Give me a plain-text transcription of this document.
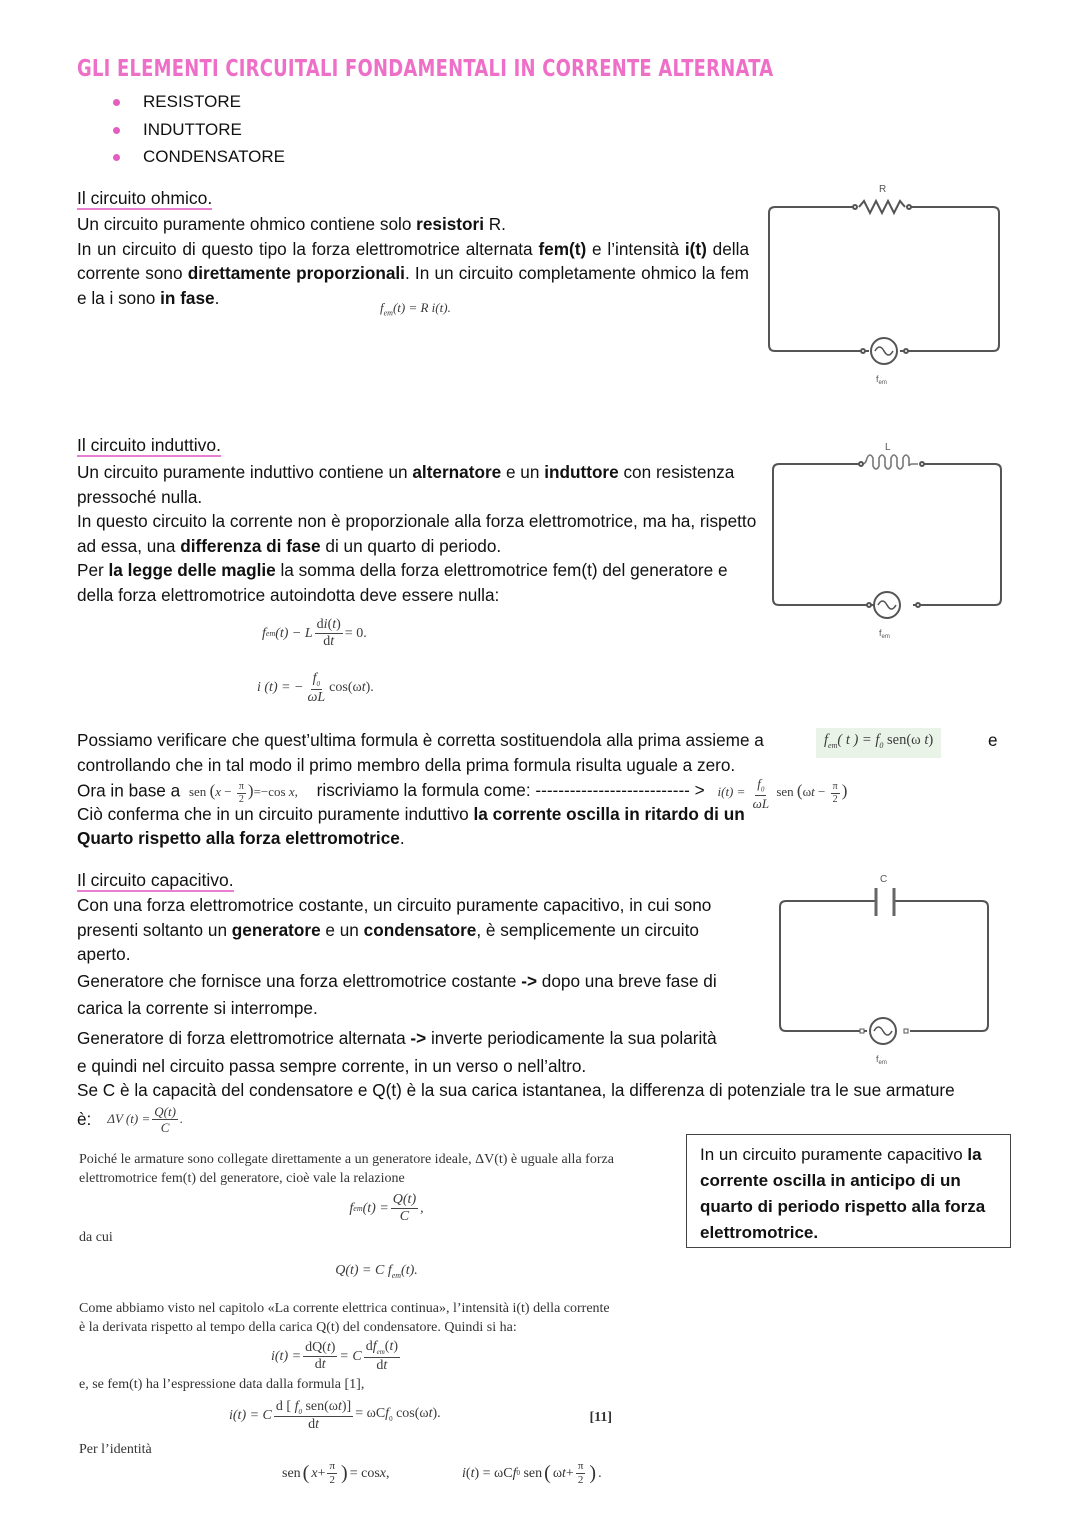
GLI ELEMENTI CIRCUITALI FONDAMENTALI IN CORRENTE ALTERNATA
RESISTORE
INDUTTORE
CONDENSATORE
Il circuito ohmico.
Un circuito puramente ohmico contiene solo resistori R.
In un circuito di questo tipo la forza elettromotrice alternata fem(t) e l’intensità i(t) della corrente sono direttamente proporzionali. In un circuito completamente ohmico la fem e la i sono in fase.	$f_{em}(t) = R$ i(t).
R
$f_{em}$
Il circuito induttivo.
Un circuito puramente induttivo contiene un alternatore e un induttore con resistenza pressoché nulla.
In questo circuito la corrente non è proporzionale alla forza elettromotrice, ma ha, rispetto ad essa, una differenza di fase di un quarto di periodo.
Per la legge delle maglie la somma della forza elettromotrice fem(t) del generatore e della forza elettromotrice autoindotta deve essere nulla:
f em (t) − L $\frac{di(t)}{dt} = 0$.
i (t) = − $\frac{f_0}{\omega L} \cos(\omega t)$.
L
$f_{em}$
Possiamo verificare che quest’ultima formula è corretta sostituendola alla prima assieme a	$f_{em}$( t ) = $f_0$ sen(ω t)	e
controllando che in tal modo il primo membro della prima formula risulta uguale a zero.
Ora in base a sen $(x - \frac{\pi}{2} )=-\cos$ x, riscriviamo la formula come: --------------------------- > $i(t) = \frac{f_0}{\omega L}$ sen ($\omega t - \frac{\pi}{2}$ )
Ciò conferma che in un circuito puramente induttivo la corrente oscilla in ritardo di un Quarto rispetto alla forza elettromotrice.
Il circuito capacitivo.
Con una forza elettromotrice costante, un circuito puramente capacitivo, in cui sono presenti soltanto un generatore e un condensatore, è semplicemente un circuito aperto.
Generatore che fornisce una forza elettromotrice costante -> dopo una breve fase di carica la corrente si interrompe.
Generatore di forza elettromotrice alternata -> inverte periodicamente la sua polarità e quindi nel circuito passa sempre corrente, in un verso o nell’altro.
Se C è la capacità del condensatore e Q(t) è la sua carica istantanea, la differenza di potenziale tra le sue armature
è: ΔV $(t) = \frac{Q(t)}{C}$ .
C
$f_{em}$
In un circuito puramente capacitivo la corrente oscilla in anticipo di un quarto di periodo rispetto alla forza elettromotrice.
Poiché le armature sono collegate direttamente a un generatore ideale, ΔV(t) è uguale alla forza elettromotrice fem(t) del generatore, cioè vale la relazione
f em $(t) = \frac{Q(t)}{C}$ ,
da cui
Q(t) = C $f_{em}(t)$.
Come abbiamo visto nel capitolo «La corrente elettrica continua», l’intensità i(t) della corrente è la derivata rispetto al tempo della carica Q(t) del condensatore. Quindi si ha:
$i(t) = \frac{dQ(t)}{dt} = C \frac{df_{em}(t)}{dt}$
e, se fem(t) ha l’espressione data dalla formula [1],
i(t) = C $\frac{d [ f_0 sen(\omega t)]}{dt} = \omega Cf_0$ cos(ωt).	[11]
Per l’identità
sen ( $x + \frac{\pi}{2}$ ) = cos x ,	i ( t ) = ωC f 0 sen ( ω $t + \frac{\pi}{2}$ ) .
